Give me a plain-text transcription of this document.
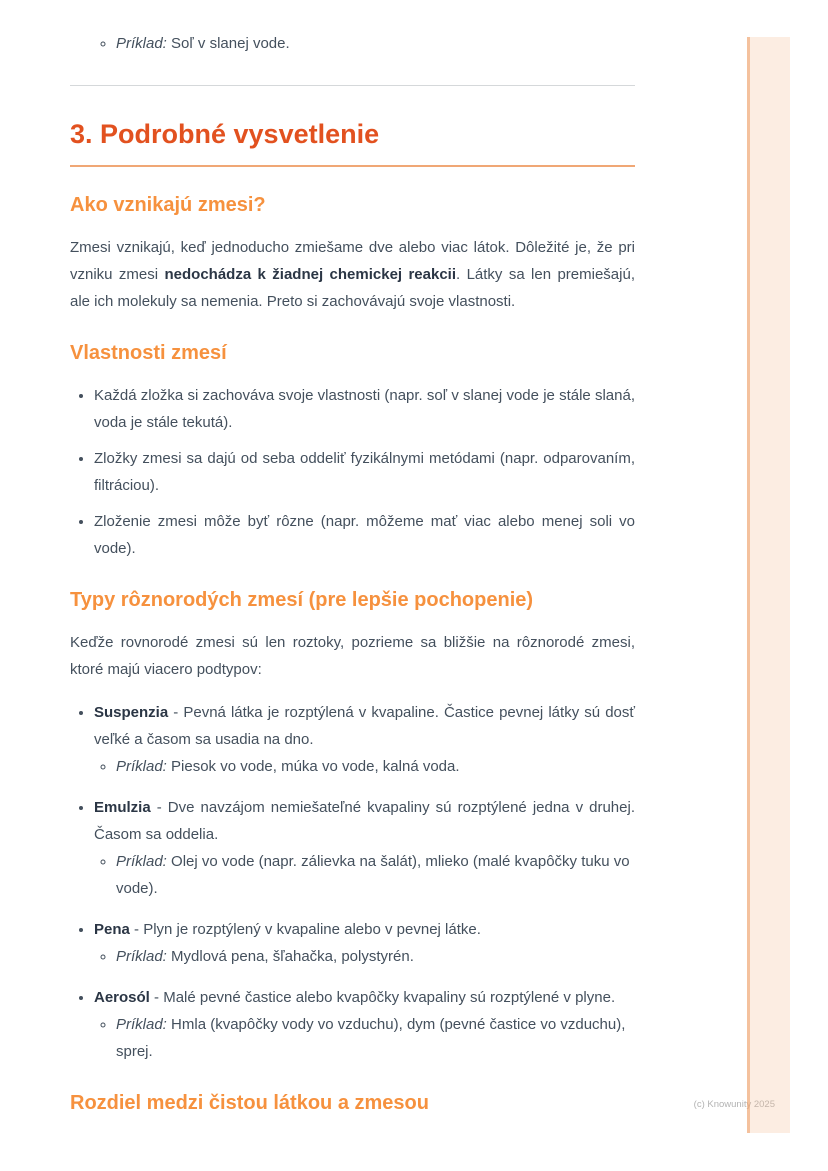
◦ Príklad: Soľ v slanej vode.
3. Podrobné vysvetlenie
Ako vznikajú zmesi?

Zmesi vznikajú, keď jednoducho zmiešame dve alebo viac látok. Dôležité je, že pri vzniku zmesi nedochádza k žiadnej chemickej reakcii. Látky sa len premiešajú, ale ich molekuly sa nemenia. Preto si zachovávajú svoje vlastnosti.

Vlastnosti zmesí
• Každá zložka si zachováva svoje vlastnosti (napr. soľ v slanej vode je stále slaná, voda je stále tekutá).
• Zložky zmesi sa dajú od seba oddeliť fyzikálnymi metódami (napr. odparovaním, filtráciou).
• Zloženie zmesi môže byť rôzne (napr. môžeme mať viac alebo menej soli vo vode).
Typy rôznorodých zmesí (pre lepšie pochopenie)

Keďže rovnorodé zmesi sú len roztoky, pozrieme sa bližšie na rôznorodé zmesi, ktoré majú viacero podtypov:

• Suspenzia - Pevná látka je rozptýlená v kvapaline. Častice pevnej látky sú dosť veľké a časom sa usadia na dno.
◦ Príklad: Piesok vo vode, múka vo vode, kalná voda.
• Emulzia - Dve navzájom nemiešateľné kvapaliny sú rozptýlené jedna v druhej. Časom sa oddelia.
◦ Príklad: Olej vo vode (napr. zálievka na šalát), mlieko (malé kvapôčky tuku vo vode).
• Pena - Plyn je rozptýlený v kvapaline alebo v pevnej látke.
◦ Príklad: Mydlová pena, šľahačka, polystyrén.
• Aerosól - Malé pevné častice alebo kvapôčky kvapaliny sú rozptýlené v plyne.
◦ Príklad: Hmla (kvapôčky vody vo vzduchu), dym (pevné častice vo vzduchu), sprej.
Rozdiel medzi čistou látkou a zmesou	(c) Knowunity 2025
